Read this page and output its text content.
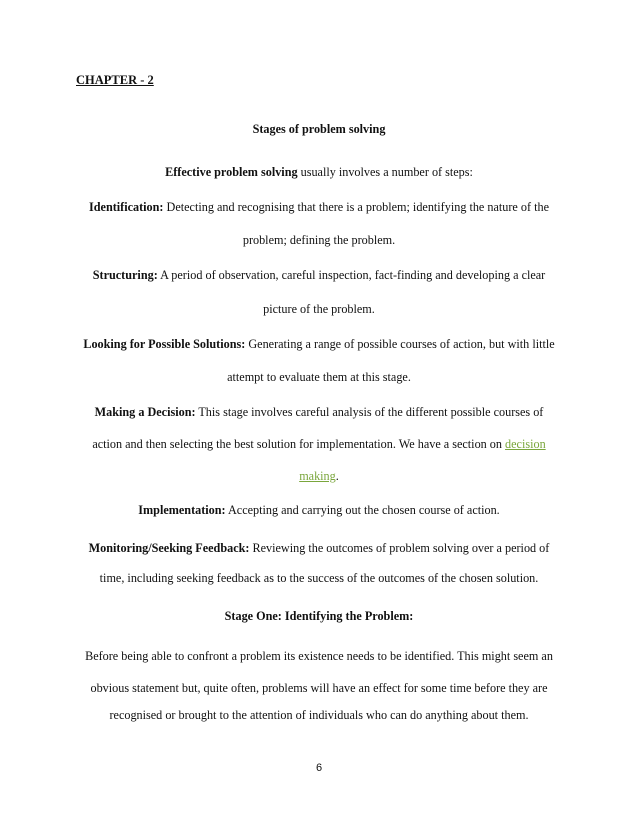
CHAPTER - 2
Stages of problem solving
Effective problem solving usually involves a number of steps:
Identification: Detecting and recognising that there is a problem; identifying the nature of the
problem; defining the problem.
Structuring: A period of observation, careful inspection, fact-finding and developing a clear
picture of the problem.
Looking for Possible Solutions: Generating a range of possible courses of action, but with little
attempt to evaluate them at this stage.
Making a Decision: This stage involves careful analysis of the different possible courses of
action and then selecting the best solution for implementation. We have a section on decision
making.
Implementation: Accepting and carrying out the chosen course of action.
Monitoring/Seeking Feedback: Reviewing the outcomes of problem solving over a period of
time, including seeking feedback as to the success of the outcomes of the chosen solution.
Stage One: Identifying the Problem:
Before being able to confront a problem its existence needs to be identified. This might seem an
obvious statement but, quite often, problems will have an effect for some time before they are
recognised or brought to the attention of individuals who can do anything about them.
6
